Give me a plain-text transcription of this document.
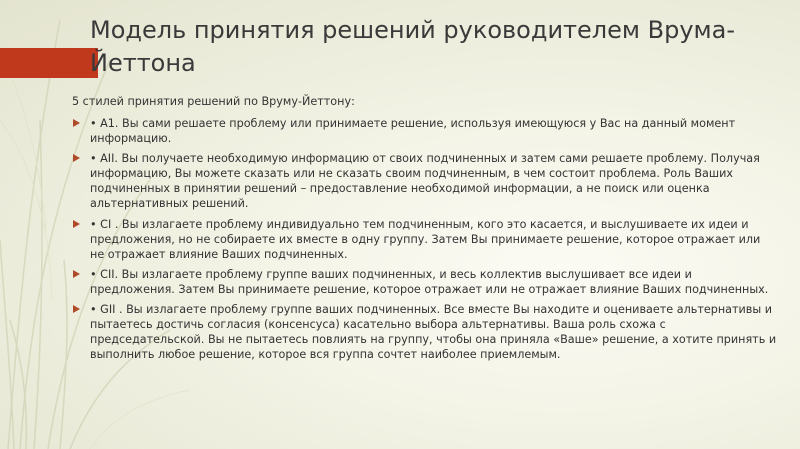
Модель принятия решений руководителем Врума-Йеттона
5 стилей принятия решений по Вруму-Йеттону:
• A1. Вы сами решаете проблему или принимаете решение, используя имеющуюся у Вас на данный момент информацию.
• AII. Вы получаете необходимую информацию от своих подчиненных и затем сами решаете проблему. Получая информацию, Вы можете сказать или не сказать своим подчиненным, в чем состоит проблема. Роль Ваших подчиненных в принятии решений – предоставление необходимой информации, а не поиск или оценка альтернативных решений.
• CI . Вы излагаете проблему индивидуально тем подчиненным, кого это касается, и выслушиваете их идеи и предложения, но не собираете их вместе в одну группу. Затем Вы принимаете решение, которое отражает или не отражает влияние Ваших подчиненных.
• CII. Вы излагаете проблему группе ваших подчиненных, и весь коллектив выслушивает все идеи и предложения. Затем Вы принимаете решение, которое отражает или не отражает влияние Ваших подчиненных.
• GII . Вы излагаете проблему группе ваших подчиненных. Все вместе Вы находите и оцениваете альтернативы и пытаетесь достичь согласия (консенсуса) касательно выбора альтернативы. Ваша роль схожа с председательской. Вы не пытаетесь повлиять на группу, чтобы она приняла «Ваше» решение, а хотите принять и выполнить любое решение, которое вся группа сочтет наиболее приемлемым.
